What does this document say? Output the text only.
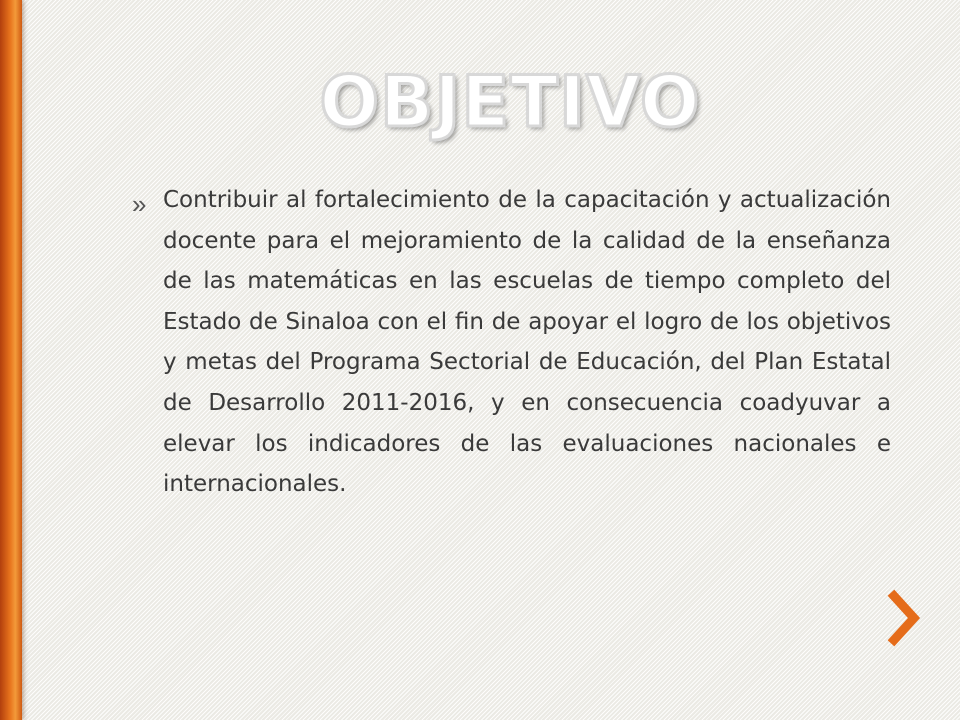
OBJETIVO
» Contribuir al fortalecimiento de la capacitación y actualización docente para el mejoramiento de la calidad de la enseñanza de las matemáticas en las escuelas de tiempo completo del Estado de Sinaloa con el fin de apoyar el logro de los objetivos y metas del Programa Sectorial de Educación, del Plan Estatal de Desarrollo 2011-2016, y en consecuencia coadyuvar a elevar los indicadores de las evaluaciones nacionales e internacionales.
